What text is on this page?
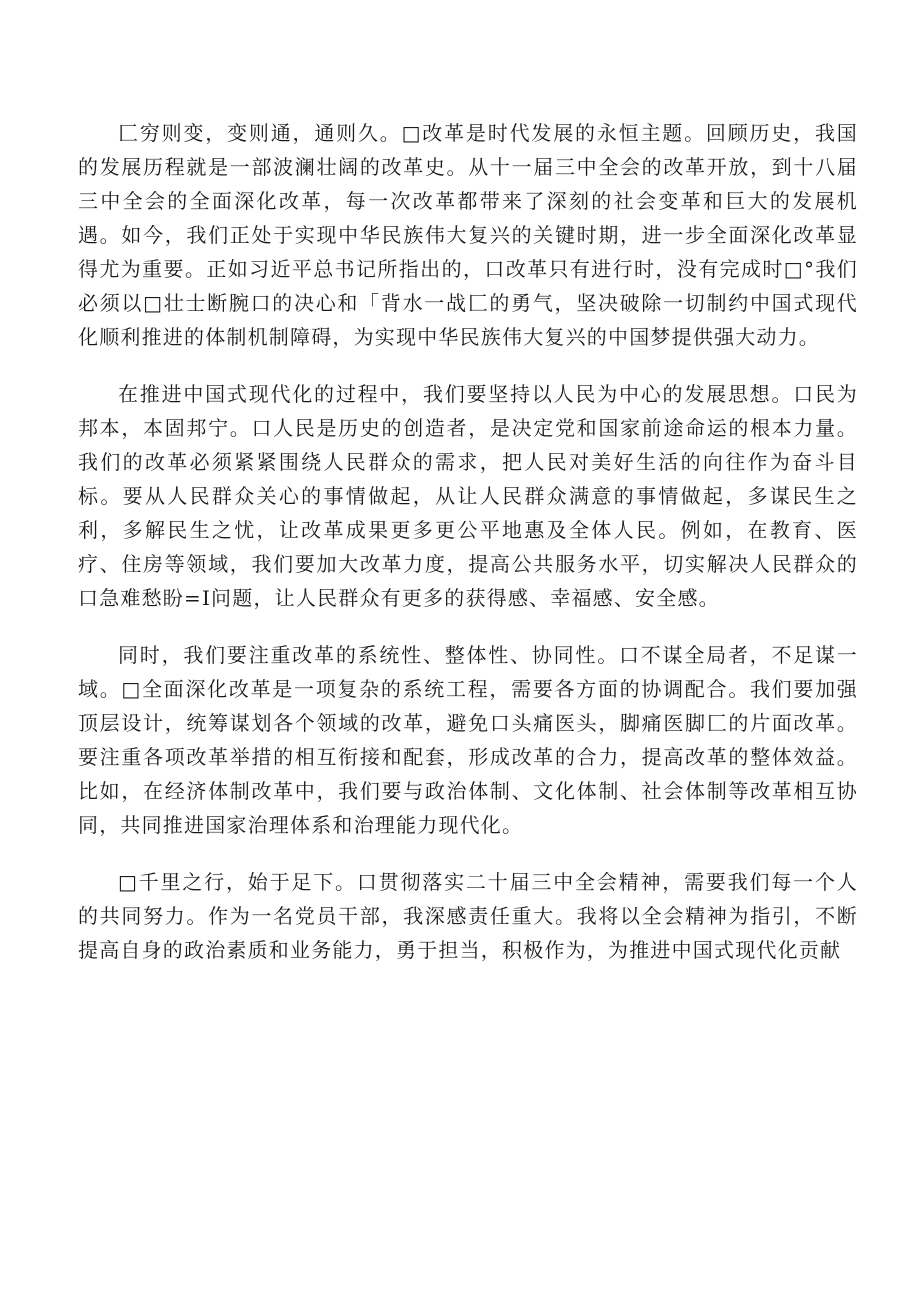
匚穷则变，变则通，通则久。□改革是时代发展的永恒主题。回顾历史，我国的发展历程就是一部波澜壮阔的改革史。从十一届三中全会的改革开放，到十八届三中全会的全面深化改革，每一次改革都带来了深刻的社会变革和巨大的发展机遇。如今，我们正处于实现中华民族伟大复兴的关键时期，进一步全面深化改革显得尤为重要。正如习近平总书记所指出的，口改革只有进行时，没有完成时□°我们必须以□壮士断腕口的决心和「背水一战匚的勇气，坚决破除一切制约中国式现代化顺利推进的体制机制障碍，为实现中华民族伟大复兴的中国梦提供强大动力。

在推进中国式现代化的过程中，我们要坚持以人民为中心的发展思想。口民为邦本，本固邦宁。口人民是历史的创造者，是决定党和国家前途命运的根本力量。我们的改革必须紧紧围绕人民群众的需求，把人民对美好生活的向往作为奋斗目标。要从人民群众关心的事情做起，从让人民群众满意的事情做起，多谋民生之利，多解民生之忧，让改革成果更多更公平地惠及全体人民。例如，在教育、医疗、住房等领域，我们要加大改革力度，提高公共服务水平，切实解决人民群众的口急难愁盼=I问题，让人民群众有更多的获得感、幸福感、安全感。

同时，我们要注重改革的系统性、整体性、协同性。口不谋全局者，不足谋一域。□全面深化改革是一项复杂的系统工程，需要各方面的协调配合。我们要加强顶层设计，统筹谋划各个领域的改革，避免口头痛医头，脚痛医脚匚的片面改革。要注重各项改革举措的相互衔接和配套，形成改革的合力，提高改革的整体效益。比如，在经济体制改革中，我们要与政治体制、文化体制、社会体制等改革相互协同，共同推进国家治理体系和治理能力现代化。

□千里之行，始于足下。口贯彻落实二十届三中全会精神，需要我们每一个人的共同努力。作为一名党员干部，我深感责任重大。我将以全会精神为指引，不断提高自身的政治素质和业务能力，勇于担当，积极作为，为推进中国式现代化贡献
